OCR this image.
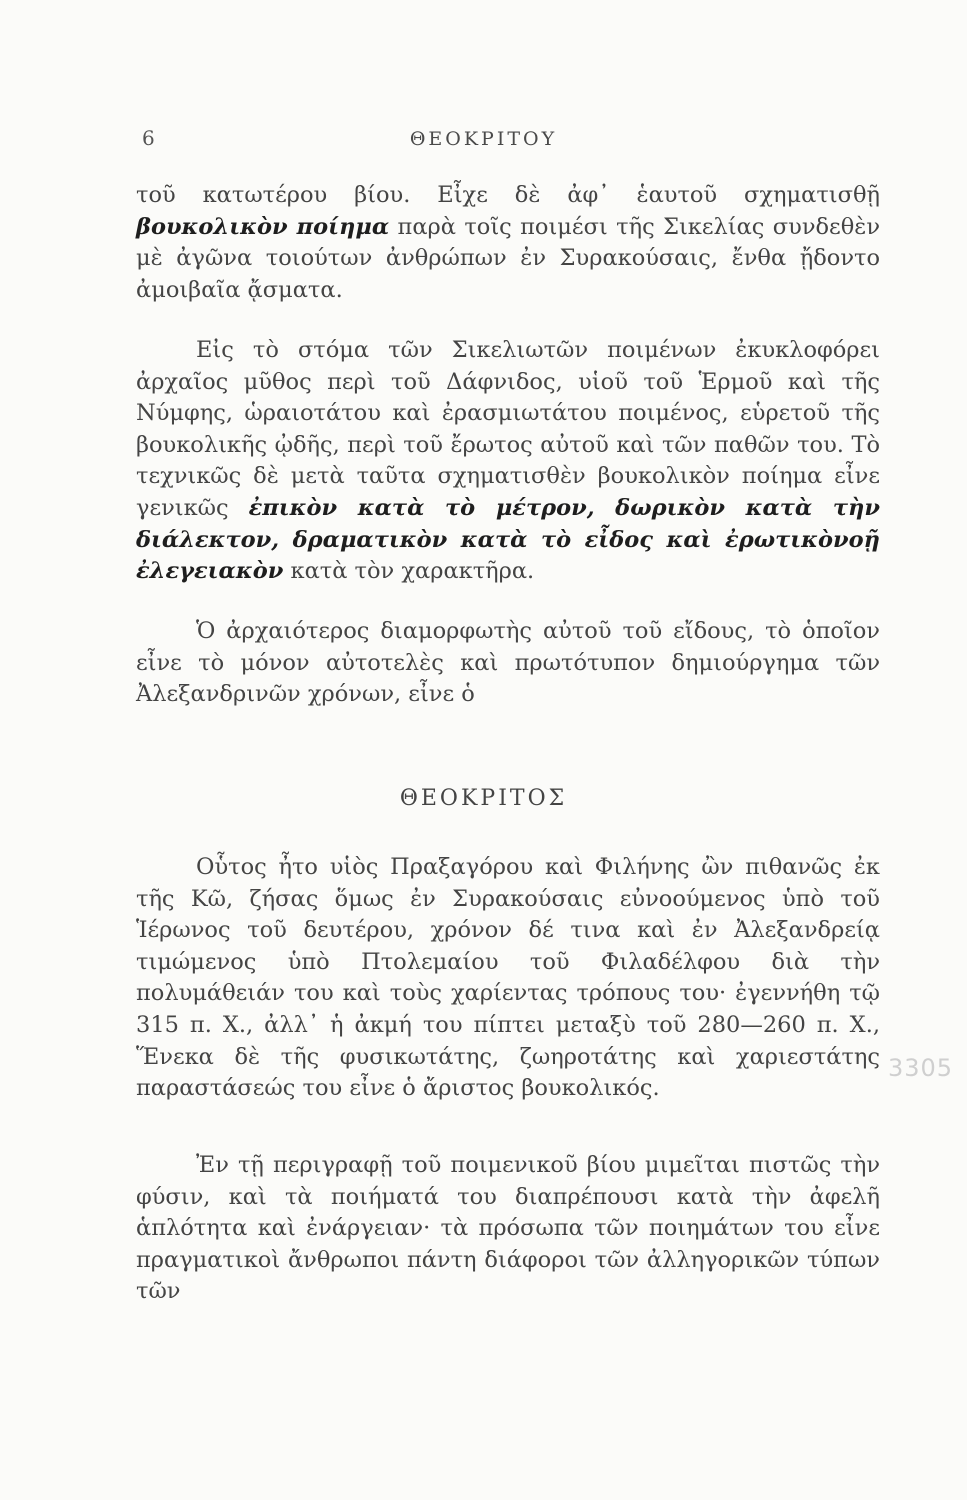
6	ΘΕΟΚΡΙΤΟΥ

τοῦ κατωτέρου βίου. Εἶχε δὲ ἀφ᾿ ἑαυτοῦ σχηματισθῇ βουκολικὸν ποίημα παρὰ τοῖς ποιμέσι τῆς Σικελίας συνδεθὲν μὲ ἀγῶνα τοιούτων ἀνθρώπων ἐν Συρακούσαις, ἔνθα ᾔδοντο ἀμοιβαῖα ᾄσματα.

Εἰς τὸ στόμα τῶν Σικελιωτῶν ποιμένων ἐκυκλοφόρει ἀρχαῖος μῦθος περὶ τοῦ Δάφνιδος, υἱοῦ τοῦ Ἑρμοῦ καὶ τῆς Νύμφης, ὡραιοτάτου καὶ ἐρασμιωτάτου ποιμένος, εὑρετοῦ τῆς βουκολικῆς ᾠδῆς, περὶ τοῦ ἔρωτος αὐτοῦ καὶ τῶν παθῶν του. Τὸ τεχνικῶς δὲ μετὰ ταῦτα σχηματισθὲν βουκολικὸν ποίημα εἶνε γενικῶς ἐπικὸν κατὰ τὸ μέτρον, δωρικὸν κατὰ τὴν διάλεκτον, δραματικὸν κατὰ τὸ εἶδος καὶ ἐρωτικὸνοῇ ἐλεγειακὸν κατὰ τὸν χαρακτῆρα.

Ὁ ἀρχαιότερος διαμορφωτὴς αὐτοῦ τοῦ εἴδους, τὸ ὁποῖον εἶνε τὸ μόνον αὐτοτελὲς καὶ πρωτότυπον δημιούργημα τῶν Ἀλεξανδρινῶν χρόνων, εἶνε ὁ

ΘΕΟΚΡΙΤΟΣ

Οὗτος ἦτο υἱὸς Πραξαγόρου καὶ Φιλήνης ὢν πιθανῶς ἐκ τῆς Κῶ, ζήσας ὅμως ἐν Συρακούσαις εὐνοούμενος ὑπὸ τοῦ Ἱέρωνος τοῦ δευτέρου, χρόνον δέ τινα καὶ ἐν Ἀλεξανδρείᾳ τιμώμενος ὑπὸ Πτολεμαίου τοῦ Φιλαδέλφου διὰ τὴν πολυμάθειάν του καὶ τοὺς χαρίεντας τρόπους του· ἐγεννήθη τῷ 315 π. Χ., ἀλλ᾿ ἡ ἀκμή του πίπτει μεταξὺ τοῦ 280—260 π. Χ., Ἕνεκα δὲ τῆς φυσικωτάτης, ζωηροτάτης καὶ χαριεστάτης παραστάσεώς του εἶνε ὁ ἄριστος βουκολικός.

Ἐν τῇ περιγραφῇ τοῦ ποιμενικοῦ βίου μιμεῖται πιστῶς τὴν φύσιν, καὶ τὰ ποιήματά του διαπρέπουσι κατὰ τὴν ἀφελῆ ἁπλότητα καὶ ἐνάργειαν· τὰ πρόσωπα τῶν ποιημάτων του εἶνε πραγματικοὶ ἄνθρωποι πάντη διάφοροι τῶν ἀλληγορικῶν τύπων τῶν

3305
